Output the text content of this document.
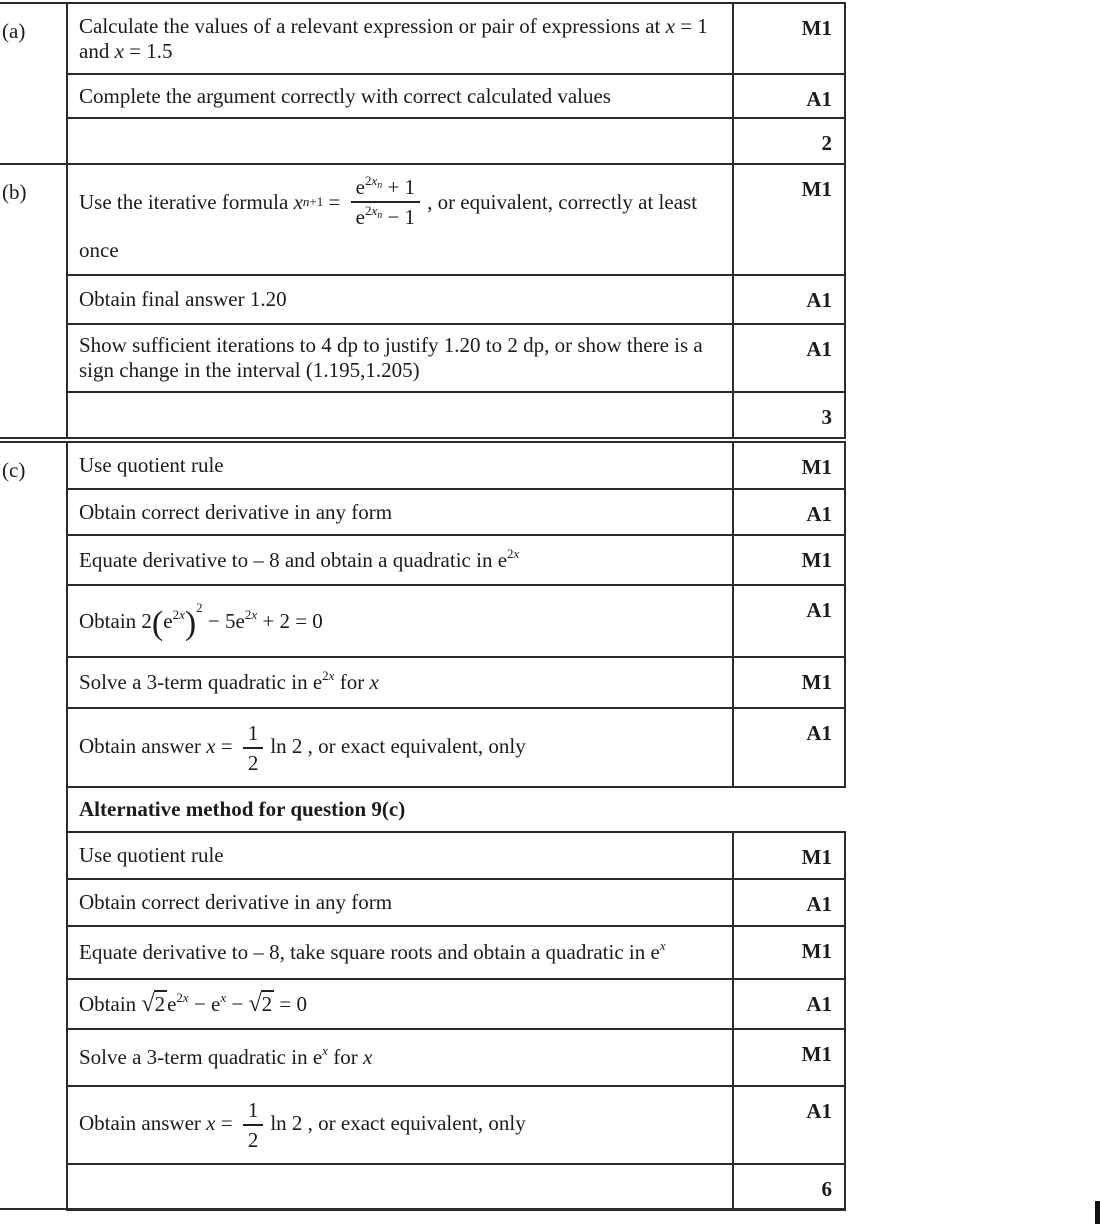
(a)	Calculate the values of a relevant expression or pair of expressions at x = 1
and x = 1.5	M1
	Complete the argument correctly with correct calculated values	A1
		2
(b)	Use the iterative formula x $n+1 = \frac{e^{2x_n} + 1}{e^{2x_n} - 1}$ , or equivalent, correctly at least
once
	M1
	Obtain final answer 1.20	A1

	Show sufficient iterations to 4 dp to justify 1.20 to 2 dp, or show there is a
sign change in the interval (1.195,1.205)	A1
		3
(c)	Use quotient rule	M1
	Obtain correct derivative in any form	A1
	Equate derivative to – 8 and obtain a quadratic in $e^{2x}$	M1
	Obtain $2(e^{2x})^2 - 5e^{2x} + 2 = 0$	A1
	Solve a 3-term quadratic in $e^{2x}$ for x	M1
	Obtain answer $x = \frac{1}{2}$ ln 2 , or exact equivalent, only	A1
	Alternative method for question 9(c)	
	Use quotient rule	M1
	Obtain correct derivative in any form	A1
	Equate derivative to – 8, take square roots and obtain a quadratic in $e^x$	M1
	Obtain $√2e^{2x} - e^x - √2 = 0$	A1
	Solve a 3-term quadratic in $e^x$ for x	M1
	Obtain answer $x = \frac{1}{2}$ ln 2 , or exact equivalent, only	A1
		6
